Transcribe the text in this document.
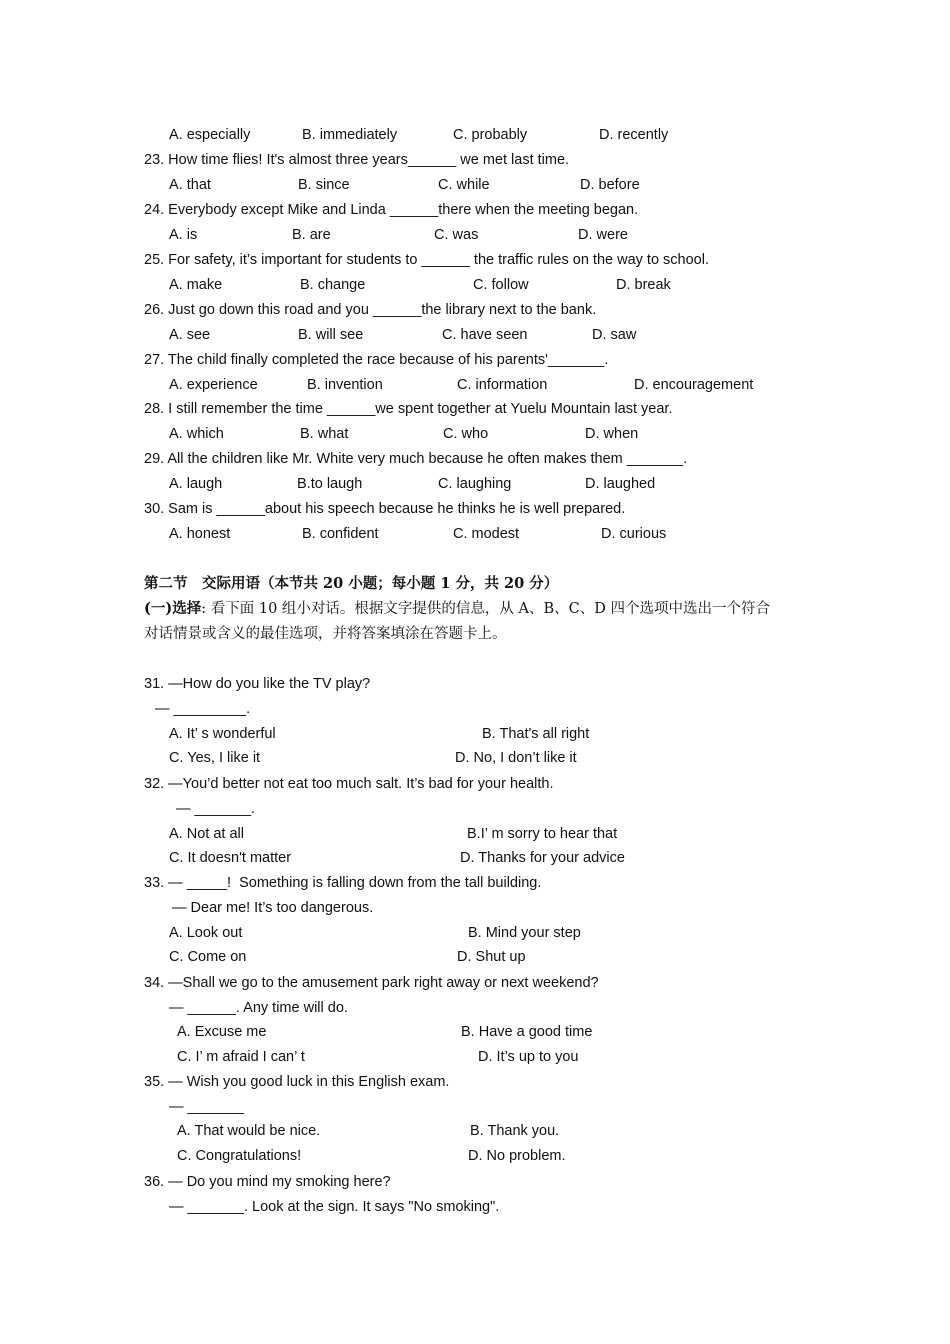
A. especially	B. immediately	C. probably	D. recently
23. How time flies! It's almost three years______ we met last time.
A. that	B. since	C. while	D. before
24. Everybody except Mike and Linda ______there when the meeting began.
A. is	B. are	C. was	D. were
25. For safety, it’s important for students to ______ the traffic rules on the way to school.
A. make	B. change	C. follow	D. break
26. Just go down this road and you ______the library next to the bank.
A. see	B. will see	C. have seen	D. saw
27. The child finally completed the race because of his parents'_______.
A. experience	B. invention	C. information	D. encouragement
28. I still remember the time ______we spent together at Yuelu Mountain last year.
A. which	B. what	C. who	D. when
29. All the children like Mr. White very much because he often makes them _______.
A. laugh	B.to laugh	C. laughing	D. laughed
30. Sam is ______about his speech because he thinks he is well prepared.
A. honest	B. confident	C. modest	D. curious
第二节　交际用语（本节共 20 小题；每小题 1 分，共 20 分）
(一)选择: 看下面 10 组小对话。根据文字提供的信息，从 A、B、C、D 四个选项中选出一个符合
对话情景或含义的最佳选项，并将答案填涂在答题卡上。
31. —How do you like the TV play?
— _________.
A. It’ s wonderful	B. That's all right
C. Yes, I like it	D. No, I don’t like it
32. —You’d better not eat too much salt. It’s bad for your health.
— _______.
A. Not at all	B.I’ m sorry to hear that
C. It doesn't matter	D. Thanks for your advice
33. — _____!  Something is falling down from the tall building.
— Dear me! It’s too dangerous.
A. Look out	B. Mind your step
C. Come on	D. Shut up
34. —Shall we go to the amusement park right away or next weekend?
— ______. Any time will do.
A. Excuse me	B. Have a good time
C. I’ m afraid I can’ t	D. It’s up to you
35. — Wish you good luck in this English exam.
— _______
A. That would be nice.	B. Thank you.
C. Congratulations!	D. No problem.
36. — Do you mind my smoking here?
— _______. Look at the sign. It says "No smoking".
